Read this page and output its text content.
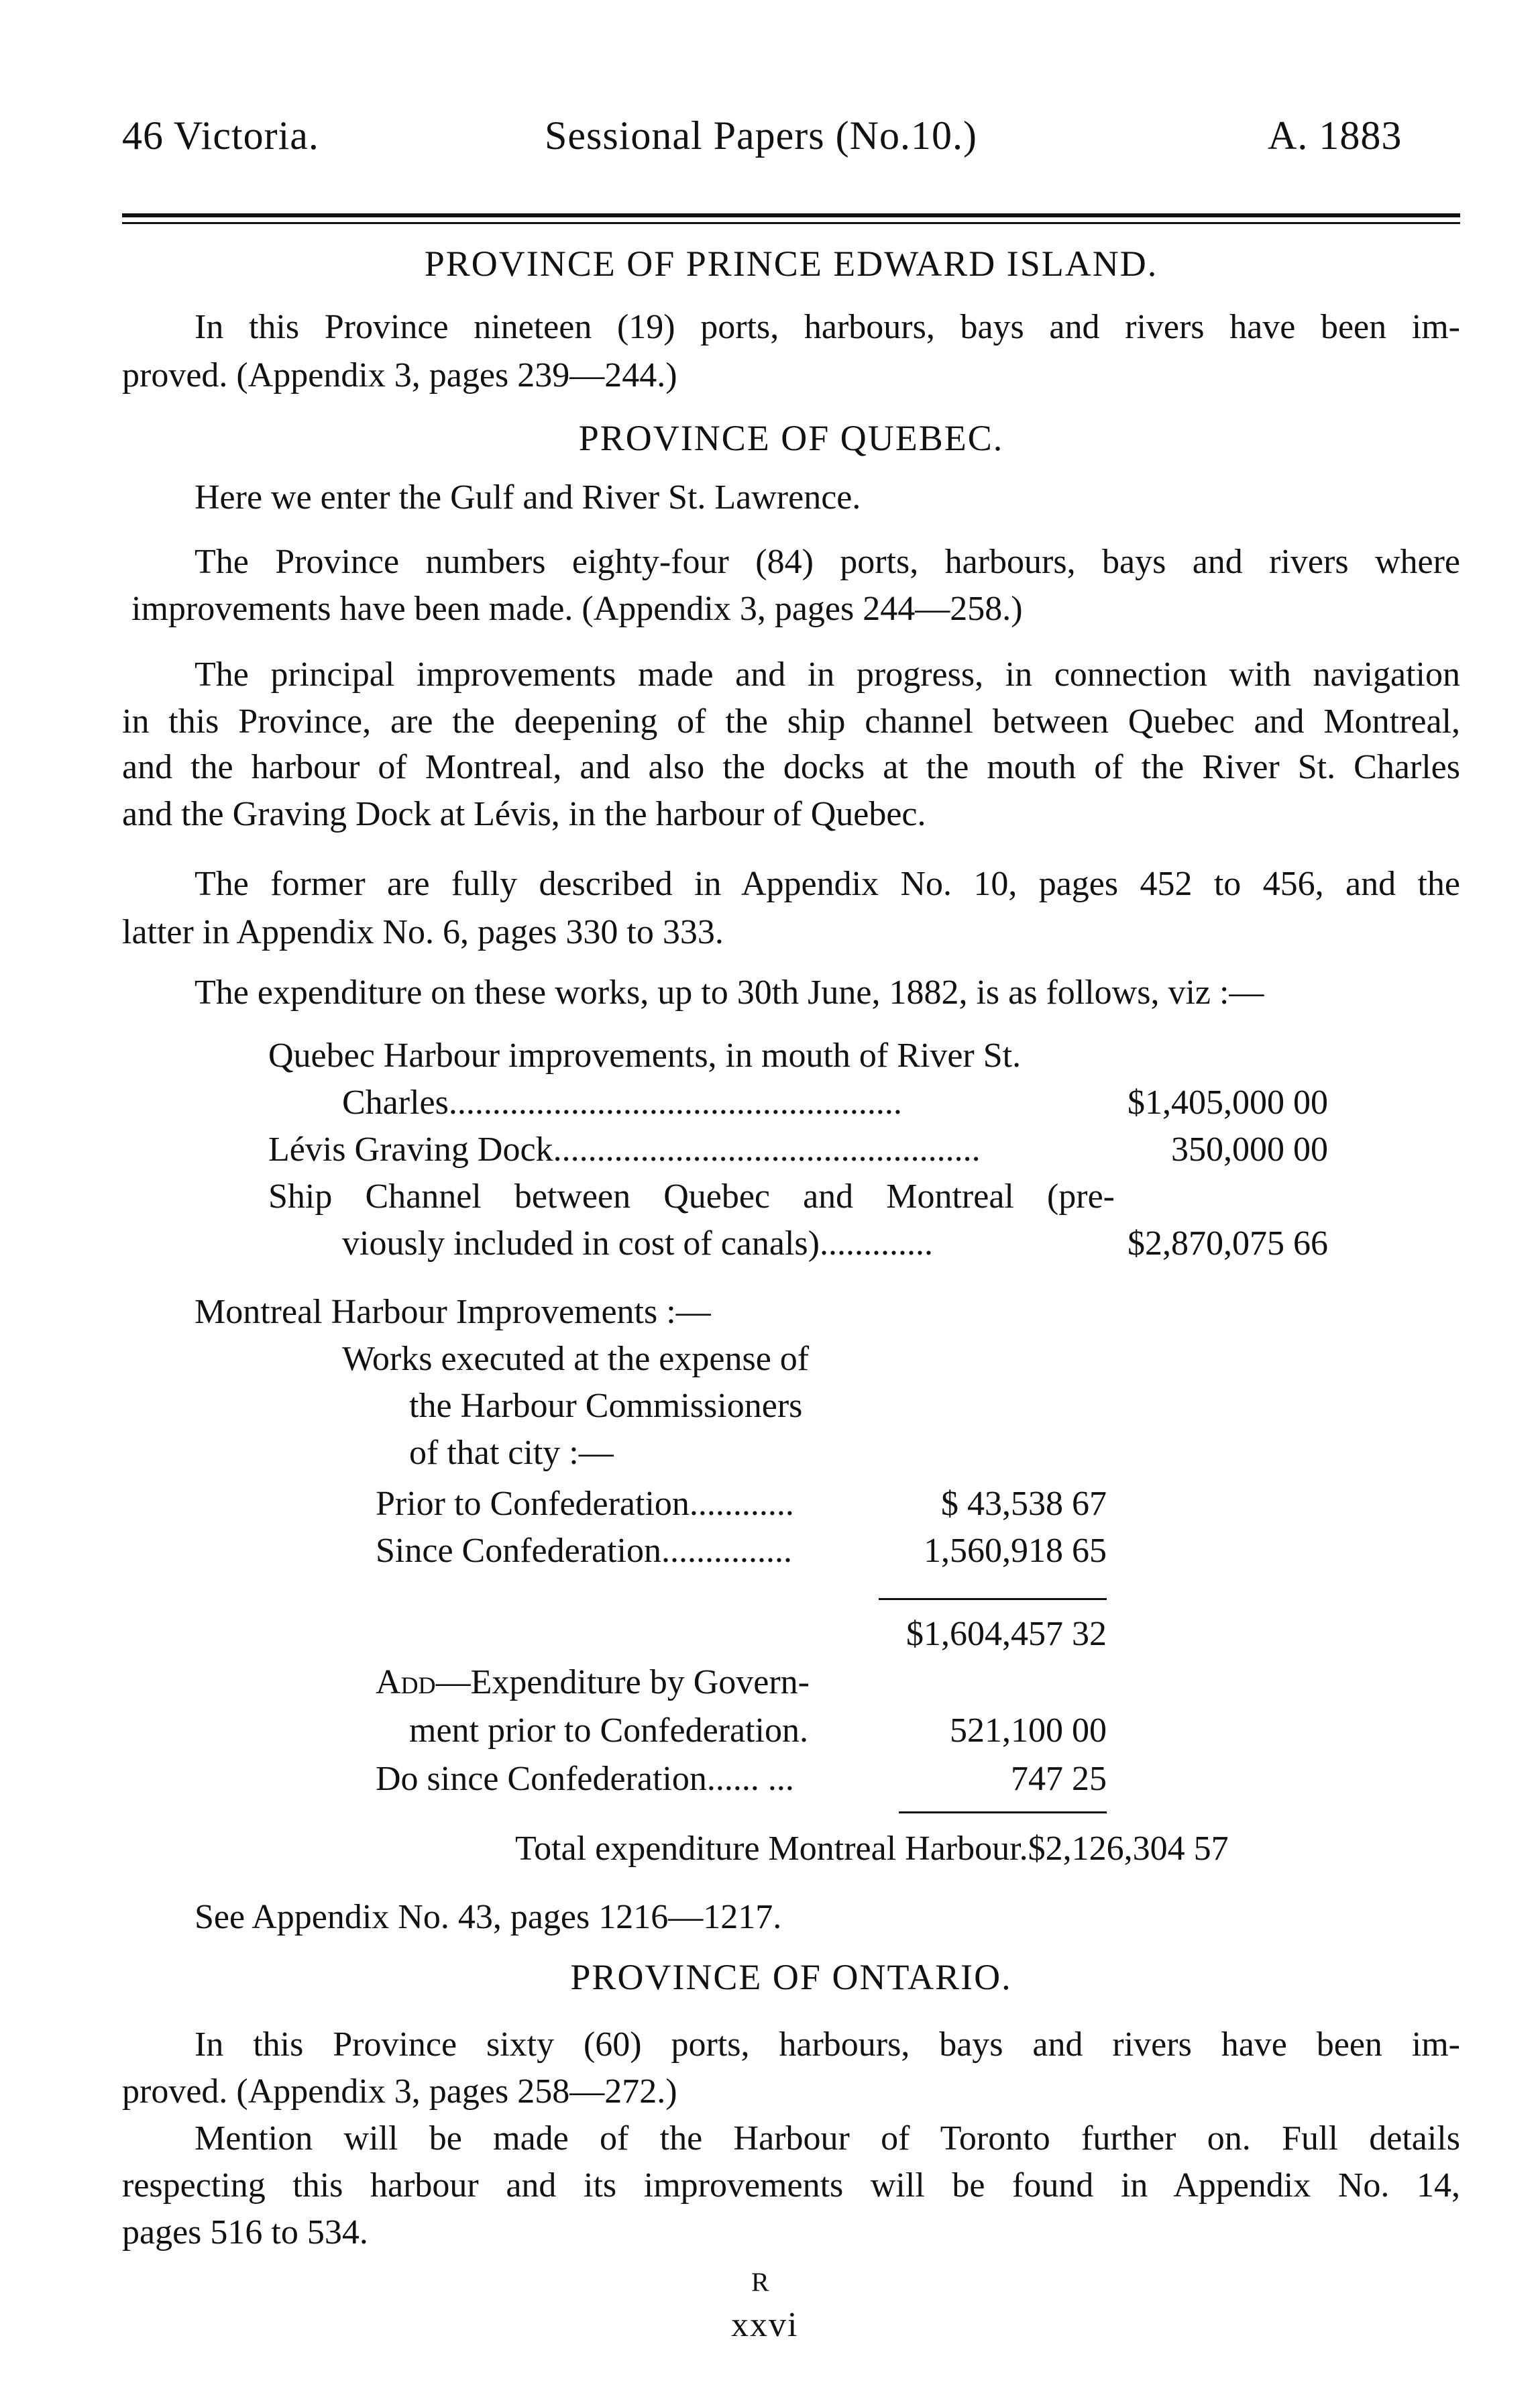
46 Victoria.	Sessional Papers (No.10.)	A. 1883
PROVINCE OF PRINCE EDWARD ISLAND.
In this Province nineteen (19) ports, harbours, bays and rivers have been im-
proved. (Appendix 3, pages 239—244.)
PROVINCE OF QUEBEC.
Here we enter the Gulf and River St. Lawrence.
The Province numbers eighty-four (84) ports, harbours, bays and rivers where
improvements have been made. (Appendix 3, pages 244—258.)
The principal improvements made and in progress, in connection with navigation
in this Province, are the deepening of the ship channel between Quebec and Montreal,
and the harbour of Montreal, and also the docks at the mouth of the River St. Charles
and the Graving Dock at Lévis, in the harbour of Quebec.
The former are fully described in Appendix No. 10, pages 452 to 456, and the
latter in Appendix No. 6, pages 330 to 333.
The expenditure on these works, up to 30th June, 1882, is as follows, viz :—
Quebec Harbour improvements, in mouth of River St.
Charles....................................................	$1,405,000 00
Lévis Graving Dock.................................................	350,000 00
Ship Channel between Quebec and Montreal (pre-
viously included in cost of canals).............	$2,870,075 66
Montreal Harbour Improvements :—
Works executed at the expense of
the Harbour Commissioners
of that city :—
Prior to Confederation............	$ 43,538 67
Since Confederation...............	1,560,918 65
$1,604,457 32
Add—Expenditure by Govern-
ment prior to Confederation.	521,100 00
Do since Confederation...... ...	747 25
Total expenditure Montreal Harbour.$2,126,304 57
See Appendix No. 43, pages 1216—1217.
PROVINCE OF ONTARIO.
In this Province sixty (60) ports, harbours, bays and rivers have been im-
proved. (Appendix 3, pages 258—272.)
Mention will be made of the Harbour of Toronto further on. Full details
respecting this harbour and its improvements will be found in Appendix No. 14,
pages 516 to 534.
R
xxvi
